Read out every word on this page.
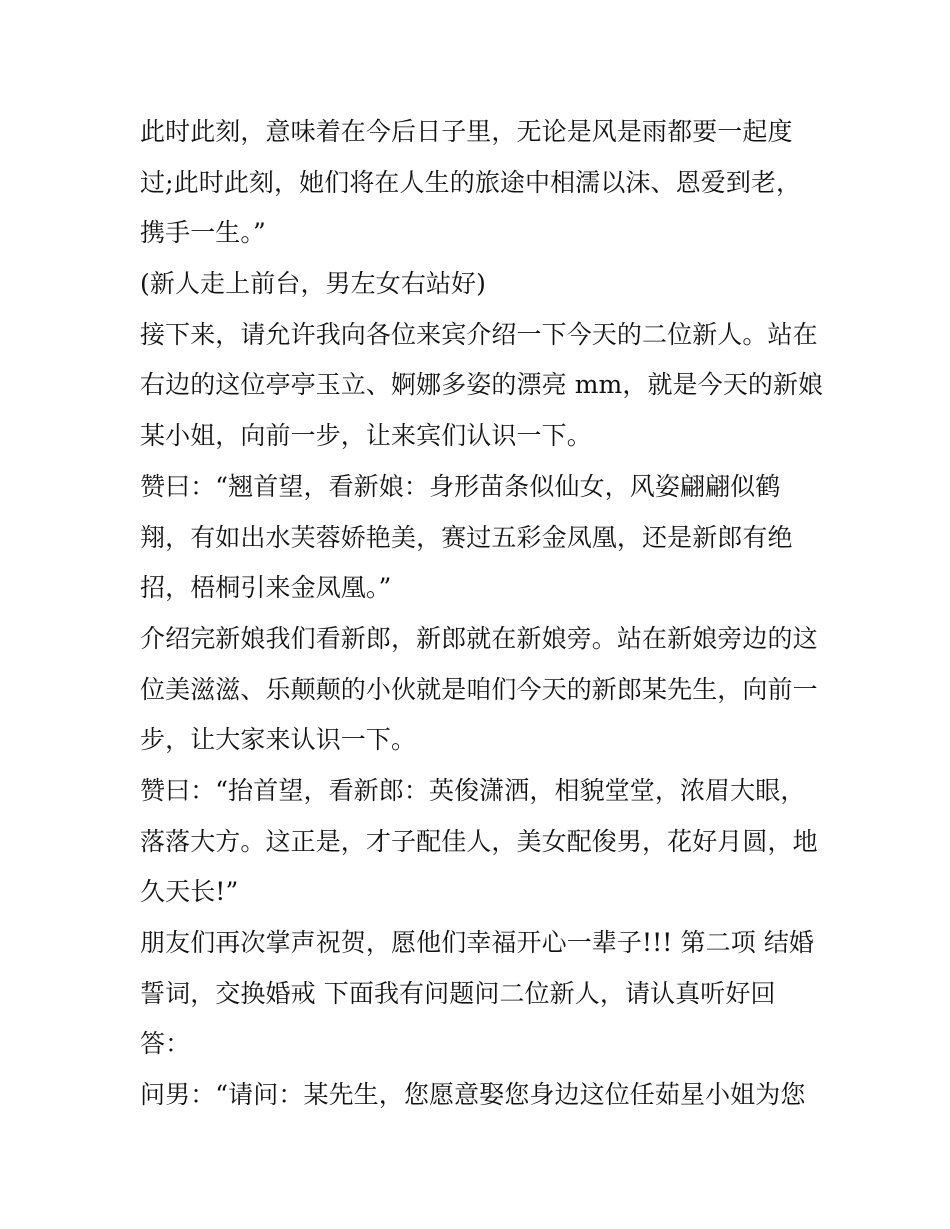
此时此刻，意味着在今后日子里，无论是风是雨都要一起度
过;此时此刻，她们将在人生的旅途中相濡以沫、恩爱到老，
携手一生。”
(新人走上前台，男左女右站好)
接下来，请允许我向各位来宾介绍一下今天的二位新人。站在
右边的这位亭亭玉立、婀娜多姿的漂亮 mm，就是今天的新娘
某小姐，向前一步，让来宾们认识一下。
赞曰：“翘首望，看新娘：身形苗条似仙女，风姿翩翩似鹤
翔，有如出水芙蓉娇艳美，赛过五彩金凤凰，还是新郎有绝
招，梧桐引来金凤凰。”
介绍完新娘我们看新郎，新郎就在新娘旁。站在新娘旁边的这
位美滋滋、乐颠颠的小伙就是咱们今天的新郎某先生，向前一
步，让大家来认识一下。
赞曰：“抬首望，看新郎：英俊潇洒，相貌堂堂，浓眉大眼，
落落大方。这正是，才子配佳人，美女配俊男，花好月圆，地
久天长!”
朋友们再次掌声祝贺，愿他们幸福开心一辈子!!! 第二项 结婚
誓词，交换婚戒 下面我有问题问二位新人，请认真听好回
答：
问男：“请问：某先生，您愿意娶您身边这位任茹星小姐为您
